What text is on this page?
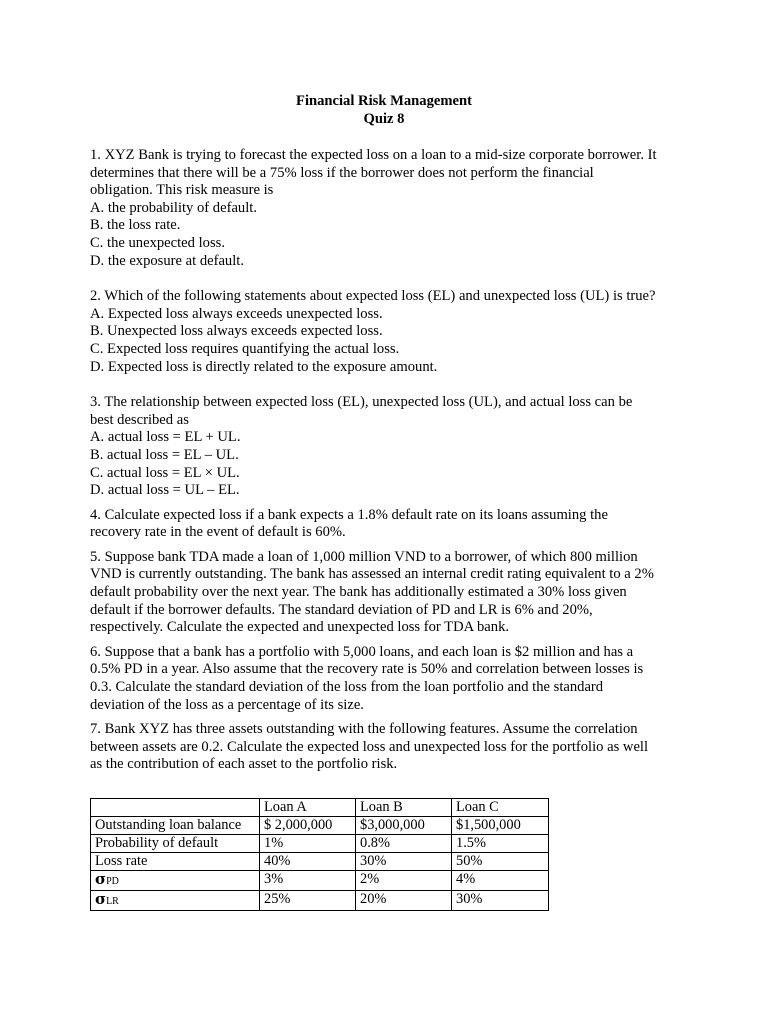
Financial Risk Management
Quiz 8

1. XYZ Bank is trying to forecast the expected loss on a loan to a mid-size corporate borrower. It

determines that there will be a 75% loss if the borrower does not perform the financial

obligation. This risk measure is

A. the probability of default.

B. the loss rate.

C. the unexpected loss.

D. the exposure at default.

2. Which of the following statements about expected loss (EL) and unexpected loss (UL) is true?

A. Expected loss always exceeds unexpected loss.

B. Unexpected loss always exceeds expected loss.

C. Expected loss requires quantifying the actual loss.

D. Expected loss is directly related to the exposure amount.

3. The relationship between expected loss (EL), unexpected loss (UL), and actual loss can be

best described as

A. actual loss = EL + UL.

B. actual loss = EL – UL.

C. actual loss = EL × UL.

D. actual loss = UL – EL.

4. Calculate expected loss if a bank expects a 1.8% default rate on its loans assuming the

recovery rate in the event of default is 60%.

5. Suppose bank TDA made a loan of 1,000 million VND to a borrower, of which 800 million

VND is currently outstanding. The bank has assessed an internal credit rating equivalent to a 2%

default probability over the next year. The bank has additionally estimated a 30% loss given

default if the borrower defaults. The standard deviation of PD and LR is 6% and 20%,

respectively. Calculate the expected and unexpected loss for TDA bank.

6. Suppose that a bank has a portfolio with 5,000 loans, and each loan is $2 million and has a

0.5% PD in a year. Also assume that the recovery rate is 50% and correlation between losses is

0.3. Calculate the standard deviation of the loss from the loan portfolio and the standard

deviation of the loss as a percentage of its size.

7. Bank XYZ has three assets outstanding with the following features. Assume the correlation

between assets are 0.2. Calculate the expected loss and unexpected loss for the portfolio as well

as the contribution of each asset to the portfolio risk.

	Loan A	Loan B	Loan C
Outstanding loan balance	$ 2,000,000	$3,000,000	$1,500,000
Probability of default	1%	0.8%	1.5%
Loss rate	40%	30%	50%
σPD	3%	2%	4%
σLR	25%	20%	30%
